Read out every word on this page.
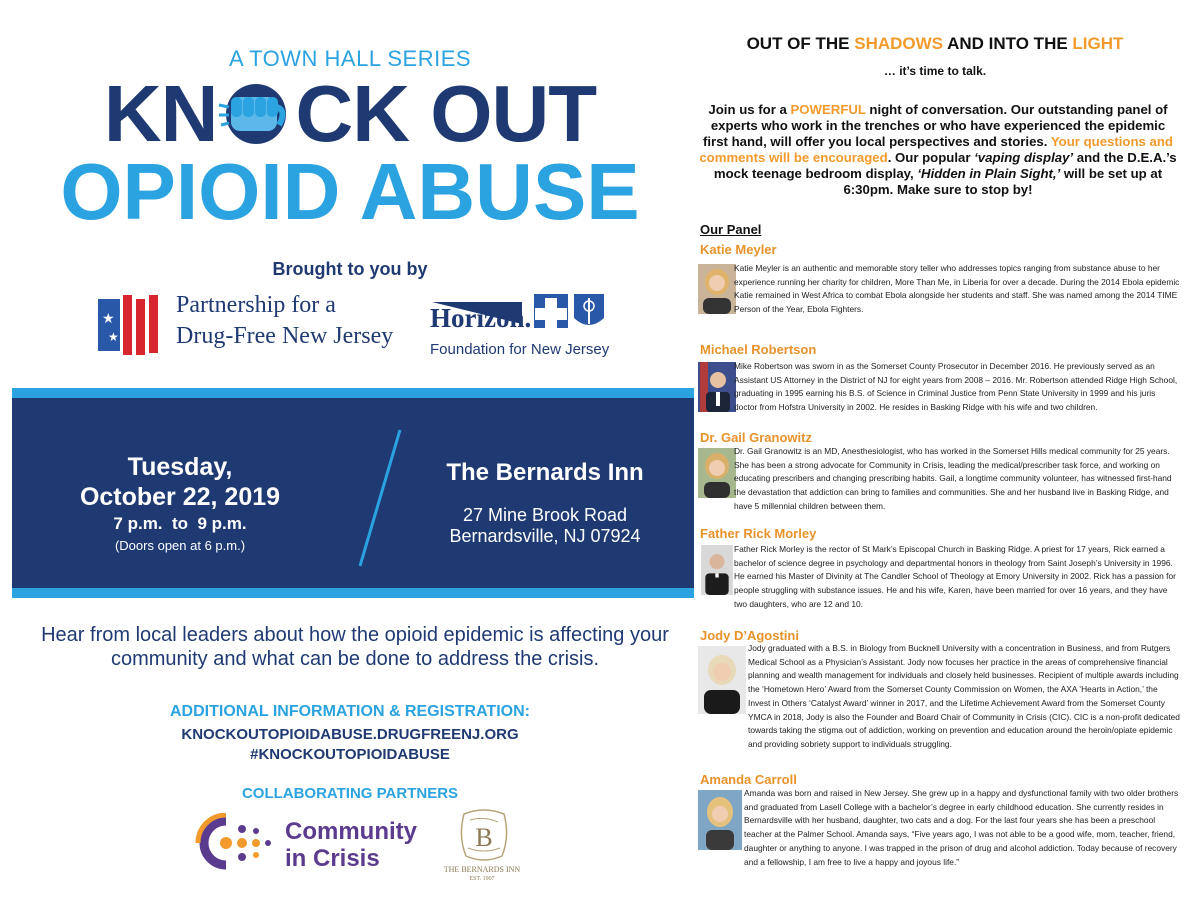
A TOWN HALL SERIES
KN CK OUT
OPIOID ABUSE
Brought to you by
★
★
Partnership for a
Drug-Free New Jersey
Horizon.
Foundation for New Jersey
Tuesday,
October 22, 2019
7 p.m.  to  9 p.m.
(Doors open at 6 p.m.)
The Bernards Inn
27 Mine Brook Road
Bernardsville, NJ 07924
Hear from local leaders about how the opioid epidemic is affecting your community and what can be done to address the crisis.
ADDITIONAL INFORMATION & REGISTRATION:
KNOCKOUTOPIOIDABUSE.DRUGFREENJ.ORG
#KNOCKOUTOPIOIDABUSE
COLLABORATING PARTNERS
Community
in Crisis
B
THE BERNARDS INN
EST. 1907
OUT OF THE SHADOWS AND INTO THE LIGHT
… it’s time to talk.
Join us for a POWERFUL night of conversation. Our outstanding panel of experts who work in the trenches or who have experienced the epidemic first hand, will offer you local perspectives and stories. Your questions and comments will be encouraged. Our popular ‘vaping display’ and the D.E.A.’s mock teenage bedroom display, ‘Hidden in Plain Sight,’ will be set up at 6:30pm. Make sure to stop by!
Our Panel
Katie Meyler
Katie Meyler is an authentic and memorable story teller who addresses topics ranging from substance abuse to her experience running her charity for children, More Than Me, in Liberia for over a decade. During the 2014 Ebola epidemic Katie remained in West Africa to combat Ebola alongside her students and staff. She was named among the 2014 TIME Person of the Year, Ebola Fighters.
Michael Robertson
Mike Robertson was sworn in as the Somerset County Prosecutor in December 2016. He previously served as an Assistant US Attorney in the District of NJ for eight years from 2008 – 2016. Mr. Robertson attended Ridge High School, graduating in 1995 earning his B.S. of Science in Criminal Justice from Penn State University in 1999 and his juris doctor from Hofstra University in 2002. He resides in Basking Ridge with his wife and two children.
Dr. Gail Granowitz
Dr. Gail Granowitz is an MD, Anesthesiologist, who has worked in the Somerset Hills medical community for 25 years. She has been a strong advocate for Community in Crisis, leading the medical/prescriber task force, and working on educating prescribers and changing prescribing habits. Gail, a longtime community volunteer, has witnessed first-hand the devastation that addiction can bring to families and communities. She and her husband live in Basking Ridge, and have 5 millennial children between them.
Father Rick Morley
Father Rick Morley is the rector of St Mark’s Episcopal Church in Basking Ridge. A priest for 17 years, Rick earned a bachelor of science degree in psychology and departmental honors in theology from Saint Joseph’s University in 1996. He earned his Master of Divinity at The Candler School of Theology at Emory University in 2002. Rick has a passion for people struggling with substance issues. He and his wife, Karen, have been married for over 16 years, and they have two daughters, who are 12 and 10.
Jody D’Agostini
Jody graduated with a B.S. in Biology from Bucknell University with a concentration in Business, and from Rutgers Medical School as a Physician’s Assistant. Jody now focuses her practice in the areas of comprehensive financial planning and wealth management for individuals and closely held businesses. Recipient of multiple awards including the ‘Hometown Hero’ Award from the Somerset County Commission on Women, the AXA ‘Hearts in Action,’ the Invest in Others ‘Catalyst Award’ winner in 2017, and the Lifetime Achievement Award from the Somerset County YMCA in 2018, Jody is also the Founder and Board Chair of Community in Crisis (CIC). CIC is a non-profit dedicated towards taking the stigma out of addiction, working on prevention and education around the heroin/opiate epidemic and providing sobriety support to individuals struggling.
Amanda Carroll
Amanda was born and raised in New Jersey. She grew up in a happy and dysfunctional family with two older brothers and graduated from Lasell College with a bachelor’s degree in early childhood education. She currently resides in Bernardsville with her husband, daughter, two cats and a dog. For the last four years she has been a preschool teacher at the Palmer School. Amanda says, “Five years ago, I was not able to be a good wife, mom, teacher, friend, daughter or anything to anyone. I was trapped in the prison of drug and alcohol addiction. Today because of recovery and a fellowship, I am free to live a happy and joyous life.”
